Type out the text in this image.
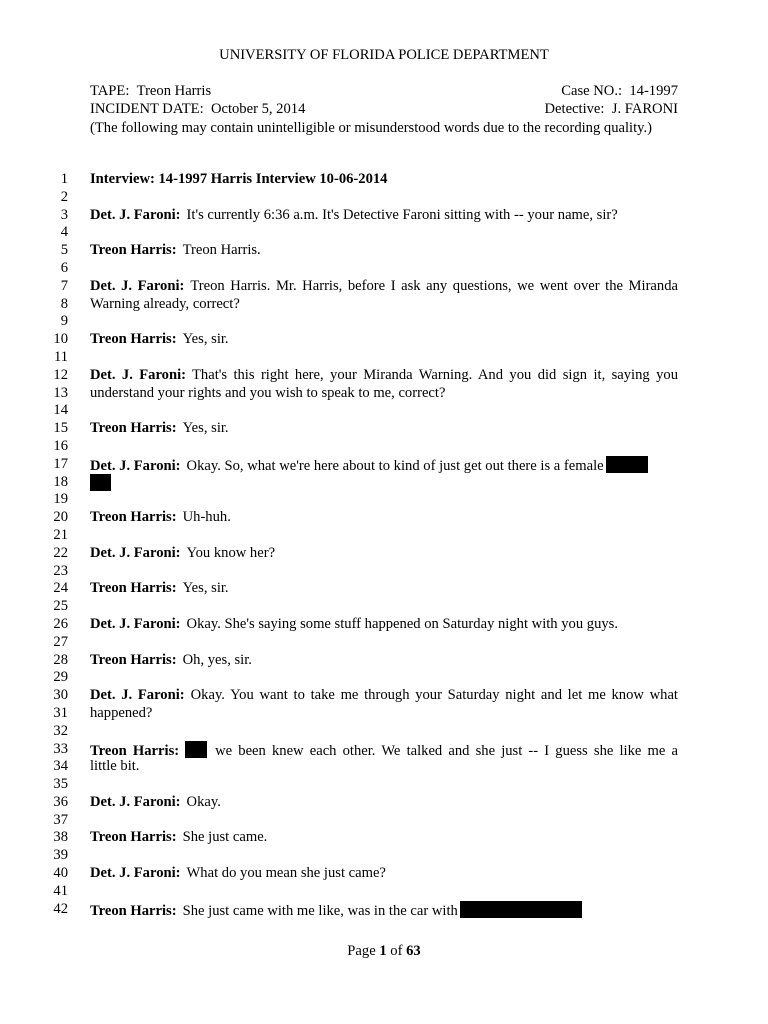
UNIVERSITY OF FLORIDA POLICE DEPARTMENT
TAPE: Treon Harris	Case NO.: 14-1997
INCIDENT DATE: October 5, 2014	Detective: J. FARONI
(The following may contain unintelligible or misunderstood words due to the recording quality.)
1 Interview: 14-1997 Harris Interview 10-06-2014
2
3 Det. J. Faroni: It's currently 6:36 a.m. It's Detective Faroni sitting with -- your name, sir?
4
5 Treon Harris: Treon Harris.
6
7 Det. J. Faroni: Treon Harris. Mr. Harris, before I ask any questions, we went over the Miranda
8 Warning already, correct?
9
10 Treon Harris: Yes, sir.
11
12 Det. J. Faroni: That's this right here, your Miranda Warning. And you did sign it, saying you
13 understand your rights and you wish to speak to me, correct?
14
15 Treon Harris: Yes, sir.
16
17 Det. J. Faroni: Okay. So, what we're here about to kind of just get out there is a female
18
19
20 Treon Harris: Uh-huh.
21
22 Det. J. Faroni: You know her?
23
24 Treon Harris: Yes, sir.
25
26 Det. J. Faroni: Okay. She's saying some stuff happened on Saturday night with you guys.
27
28 Treon Harris: Oh, yes, sir.
29
30 Det. J. Faroni: Okay. You want to take me through your Saturday night and let me know what
31 happened?
32
33 Treon Harris: we been knew each other. We talked and she just -- I guess she like me a
34 little bit.
35
36 Det. J. Faroni: Okay.
37
38 Treon Harris: She just came.
39
40 Det. J. Faroni: What do you mean she just came?
41
42 Treon Harris: She just came with me like, was in the car with
Page 1 of 63
